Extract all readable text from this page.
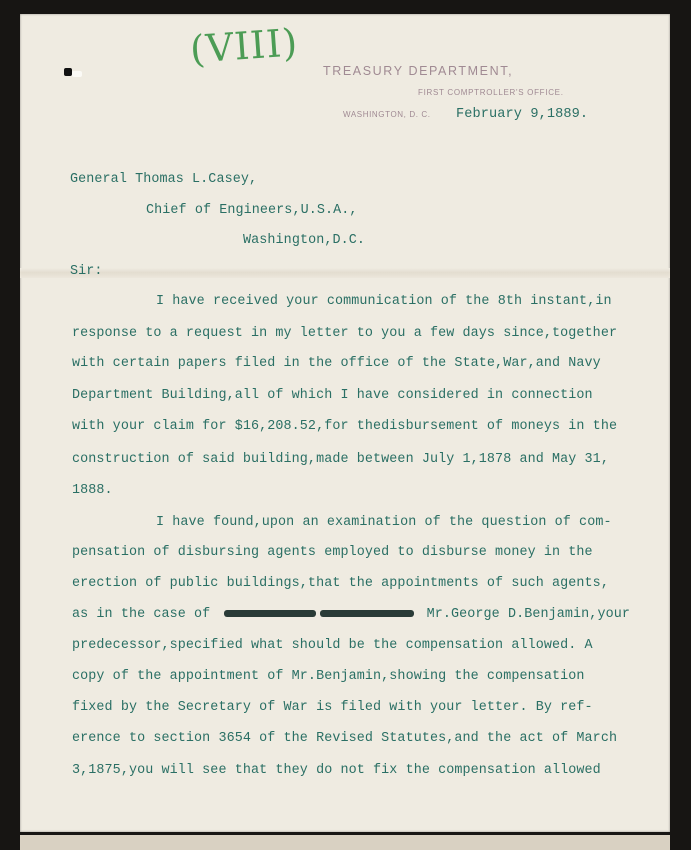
(VIII) TREASURY DEPARTMENT,
FIRST COMPTROLLER'S OFFICE.
WASHINGTON, D. C. February 9,1889.
General Thomas L.Casey,
Chief of Engineers,U.S.A.,
Washington,D.C.
Sir:
I have received your communication of the 8th instant,in
response to a request in my letter to you a few days since,together
with certain papers filed in the office of the State,War,and Navy
Department Building,all of which I have considered in connection
with your claim for $16,208.52,for thedisbursement of moneys in the
construction of said building,made between July 1,1878 and May 31,
1888.
I have found,upon an examination of the question of com-
pensation of disbursing agents employed to disburse money in the
erection of public buildings,that the appointments of such agents,
as in the case of	Mr.George D.Benjamin,your
predecessor,specified what should be the compensation allowed. A
copy of the appointment of Mr.Benjamin,showing the compensation
fixed by the Secretary of War is filed with your letter. By ref-
erence to section 3654 of the Revised Statutes,and the act of March
3,1875,you will see that they do not fix the compensation allowed
